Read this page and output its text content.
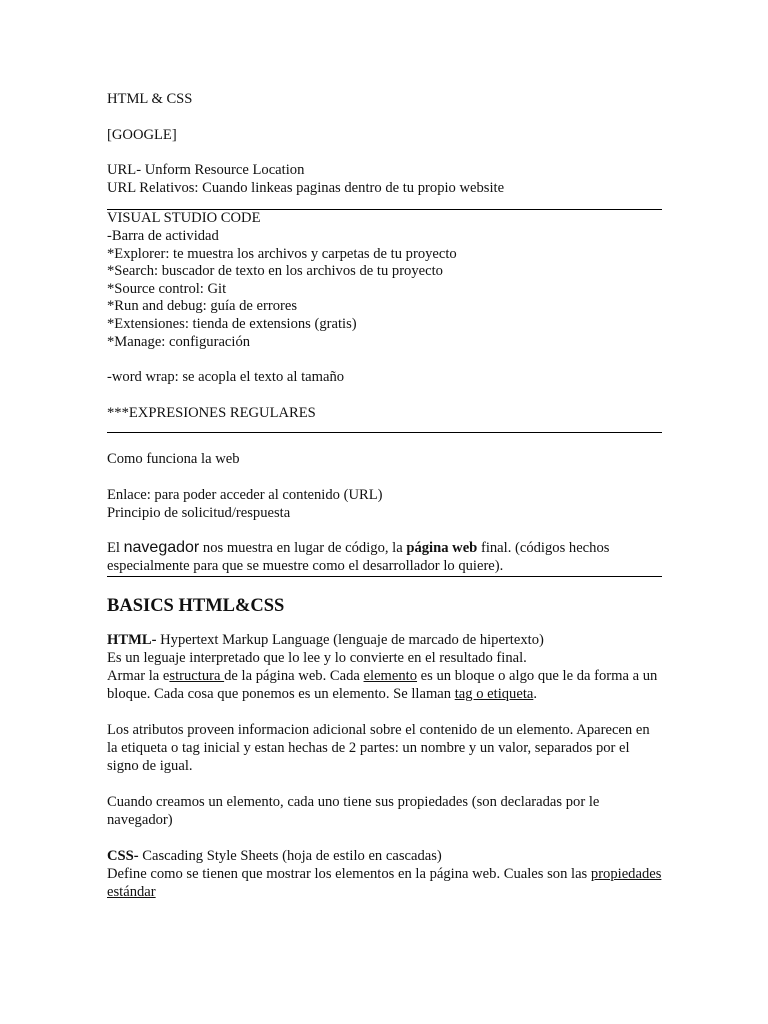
HTML & CSS

[GOOGLE]

URL- Unform Resource Location

URL Relativos: Cuando linkeas paginas dentro de tu propio website

VISUAL STUDIO CODE

-Barra de actividad

*Explorer: te muestra los archivos y carpetas de tu proyecto

*Search: buscador de texto en los archivos de tu proyecto

*Source control: Git

*Run and debug: guía de errores

*Extensiones: tienda de extensions (gratis)

*Manage: configuración

-word wrap: se acopla el texto al tamaño

***EXPRESIONES REGULARES

Como funciona la web

Enlace: para poder acceder al contenido (URL)

Principio de solicitud/respuesta

El navegador nos muestra en lugar de código, la página web final. (códigos hechos especialmente para que se muestre como el desarrollador lo quiere).

BASICS HTML&CSS

HTML- Hypertext Markup Language (lenguaje de marcado de hipertexto)

Es un leguaje interpretado que lo lee y lo convierte en el resultado final.

Armar la estructura de la página web. Cada elemento es un bloque o algo que le da forma a un bloque. Cada cosa que ponemos es un elemento. Se llaman tag o etiqueta.

Los atributos proveen informacion adicional sobre el contenido de un elemento. Aparecen en la etiqueta o tag inicial y estan hechas de 2 partes: un nombre y un valor, separados por el signo de igual.

Cuando creamos un elemento, cada uno tiene sus propiedades (son declaradas por le navegador)

CSS- Cascading Style Sheets (hoja de estilo en cascadas)

Define como se tienen que mostrar los elementos en la página web. Cuales son las propiedades estándar
